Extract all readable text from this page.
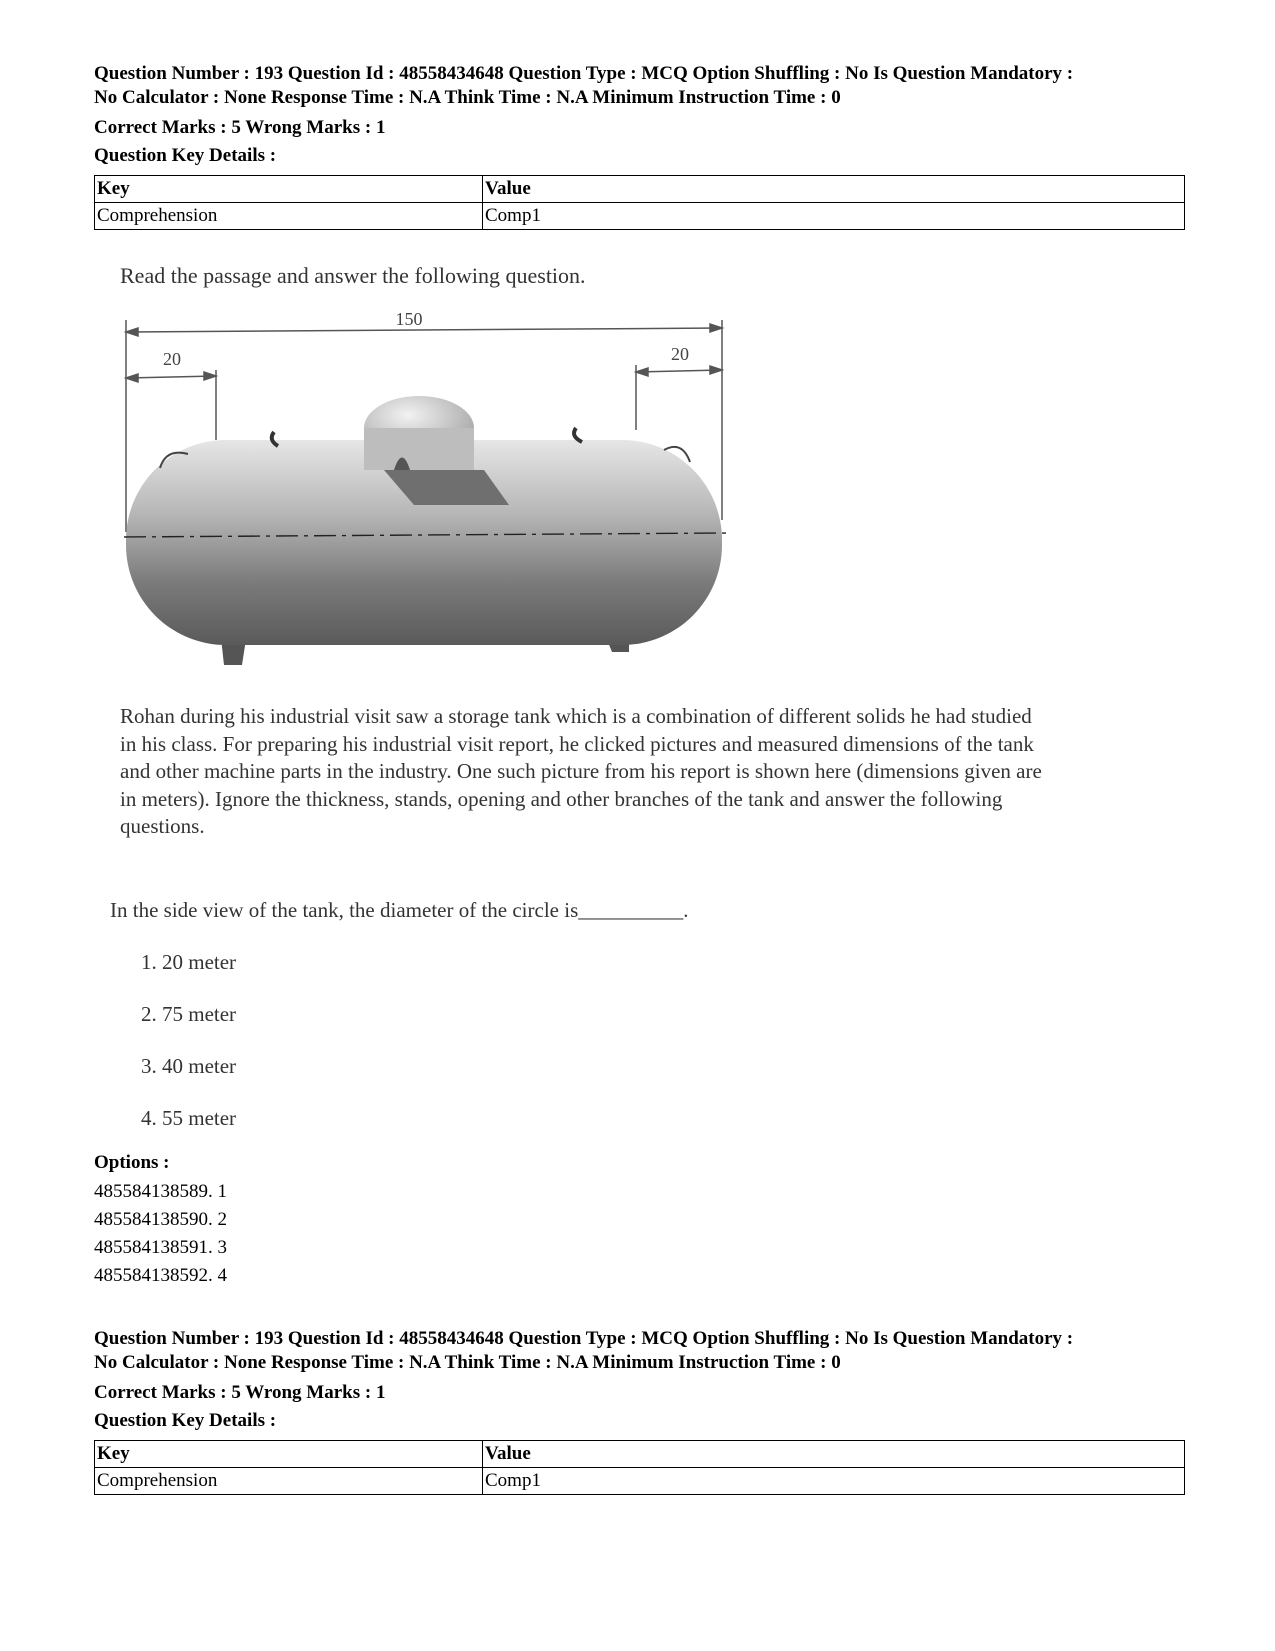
Question Number : 193 Question Id : 48558434648 Question Type : MCQ Option Shuffling : No Is Question Mandatory :
No Calculator : None Response Time : N.A Think Time : N.A Minimum Instruction Time : 0
Correct Marks : 5 Wrong Marks : 1
Question Key Details :
Key	Value
Comprehension	Comp1
Read the passage and answer the following question.
150
20	20
Rohan during his industrial visit saw a storage tank which is a combination of different solids he had studied
in his class. For preparing his industrial visit report, he clicked pictures and measured dimensions of the tank
and other machine parts in the industry. One such picture from his report is shown here (dimensions given are
in meters). Ignore the thickness, stands, opening and other branches of the tank and answer the following
questions.
In the side view of the tank, the diameter of the circle is__________.
1. 20 meter
2. 75 meter
3. 40 meter
4. 55 meter
Options :
485584138589. 1
485584138590. 2
485584138591. 3
485584138592. 4
Question Number : 193 Question Id : 48558434648 Question Type : MCQ Option Shuffling : No Is Question Mandatory :
No Calculator : None Response Time : N.A Think Time : N.A Minimum Instruction Time : 0
Correct Marks : 5 Wrong Marks : 1
Question Key Details :
Key	Value
Comprehension	Comp1
